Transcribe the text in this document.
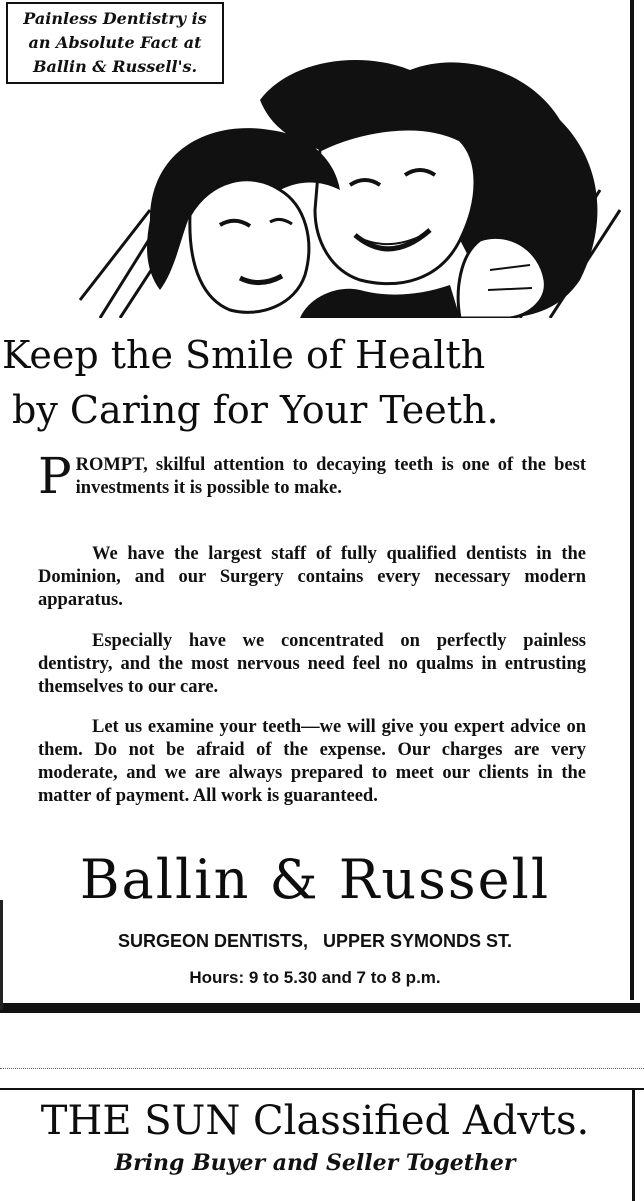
Painless Dentistry is
an Absolute Fact at
Ballin & Russell's.
Keep the Smile of Health
by Caring for Your Teeth.

PROMPT, skilful attention to decaying teeth is one of the best investments it is possible to make.

We have the largest staff of fully qualified dentists in the Dominion, and our Surgery contains every necessary modern apparatus.

Especially have we concentrated on perfectly painless dentistry, and the most nervous need feel no qualms in entrusting themselves to our care.

Let us examine your teeth—we will give you expert advice on them. Do not be afraid of the expense. Our charges are very moderate, and we are always prepared to meet our clients in the matter of payment. All work is guaranteed.

Ballin & Russell
SURGEON DENTISTS,   UPPER SYMONDS ST.
Hours: 9 to 5.30 and 7 to 8 p.m.
THE SUN Classified Advts.
Bring Buyer and Seller Together
